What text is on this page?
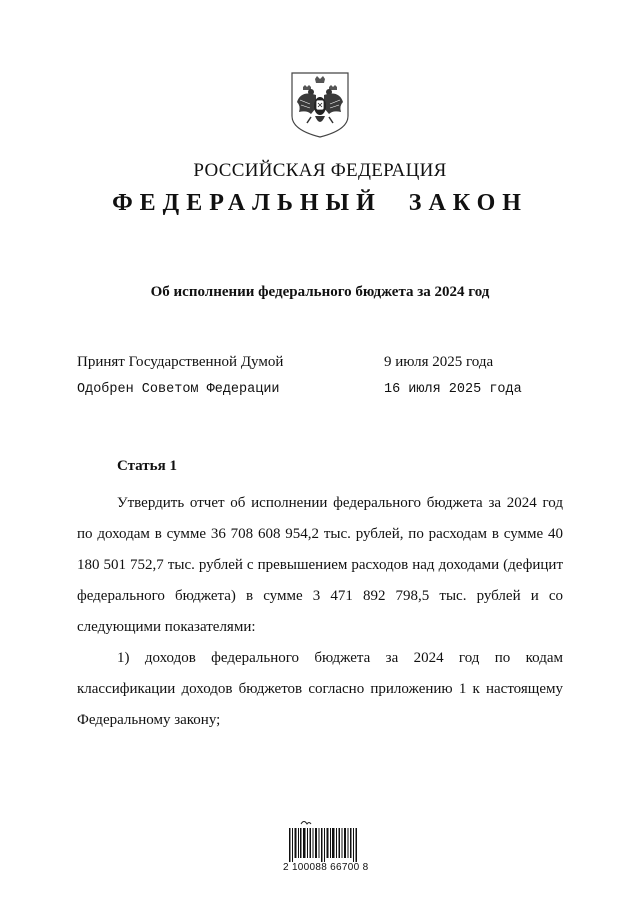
РОССИЙСКАЯ ФЕДЕРАЦИЯ
ФЕДЕРАЛЬНЫЙ ЗАКОН
Об исполнении федерального бюджета за 2024 год
Принят Государственной Думой	9 июля 2025 года
Одобрен Советом Федерации	16 июля 2025 года
Статья 1

Утвердить отчет об исполнении федерального бюджета за 2024 год по доходам в сумме 36 708 608 954,2 тыс. рублей, по расходам в сумме 40 180 501 752,7 тыс. рублей с превышением расходов над доходами (дефицит федерального бюджета) в сумме 3 471 892 798,5 тыс. рублей и со следующими показателями:

1) доходов федерального бюджета за 2024 год по кодам классификации доходов бюджетов согласно приложению 1 к настоящему Федеральному закону;

2 100088 66700 8
